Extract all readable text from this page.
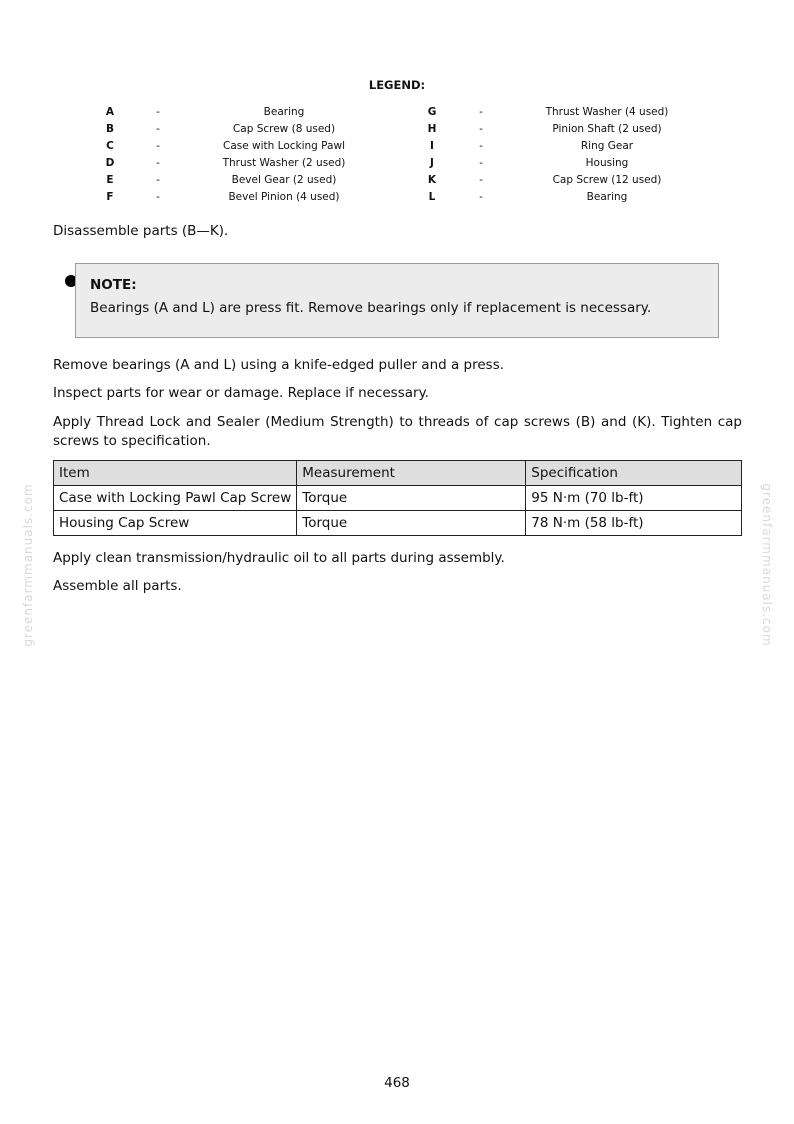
greenfarmmanuals.com	greenfarmmanuals.com
LEGEND:
A	-	Bearing	G	-	Thrust Washer (4 used)
B	-	Cap Screw (8 used)	H	-	Pinion Shaft (2 used)
C	-	Case with Locking Pawl	I	-	Ring Gear
D	-	Thrust Washer (2 used)	J	-	Housing
E	-	Bevel Gear (2 used)	K	-	Cap Screw (12 used)
F	-	Bevel Pinion (4 used)	L	-	Bearing
Disassemble parts (B—K).
NOTE:
Bearings (A and L) are press fit. Remove bearings only if replacement is necessary.
Remove bearings (A and L) using a knife-edged puller and a press.
Inspect parts for wear or damage. Replace if necessary.
Apply Thread Lock and Sealer (Medium Strength) to threads of cap screws (B) and (K). Tighten cap screws to specification.
Item	Measurement	Specification
Case with Locking Pawl Cap Screw	Torque	95 N·m (70 lb-ft)
Housing Cap Screw	Torque	78 N·m (58 lb-ft)
Apply clean transmission/hydraulic oil to all parts during assembly.
Assemble all parts.
468
